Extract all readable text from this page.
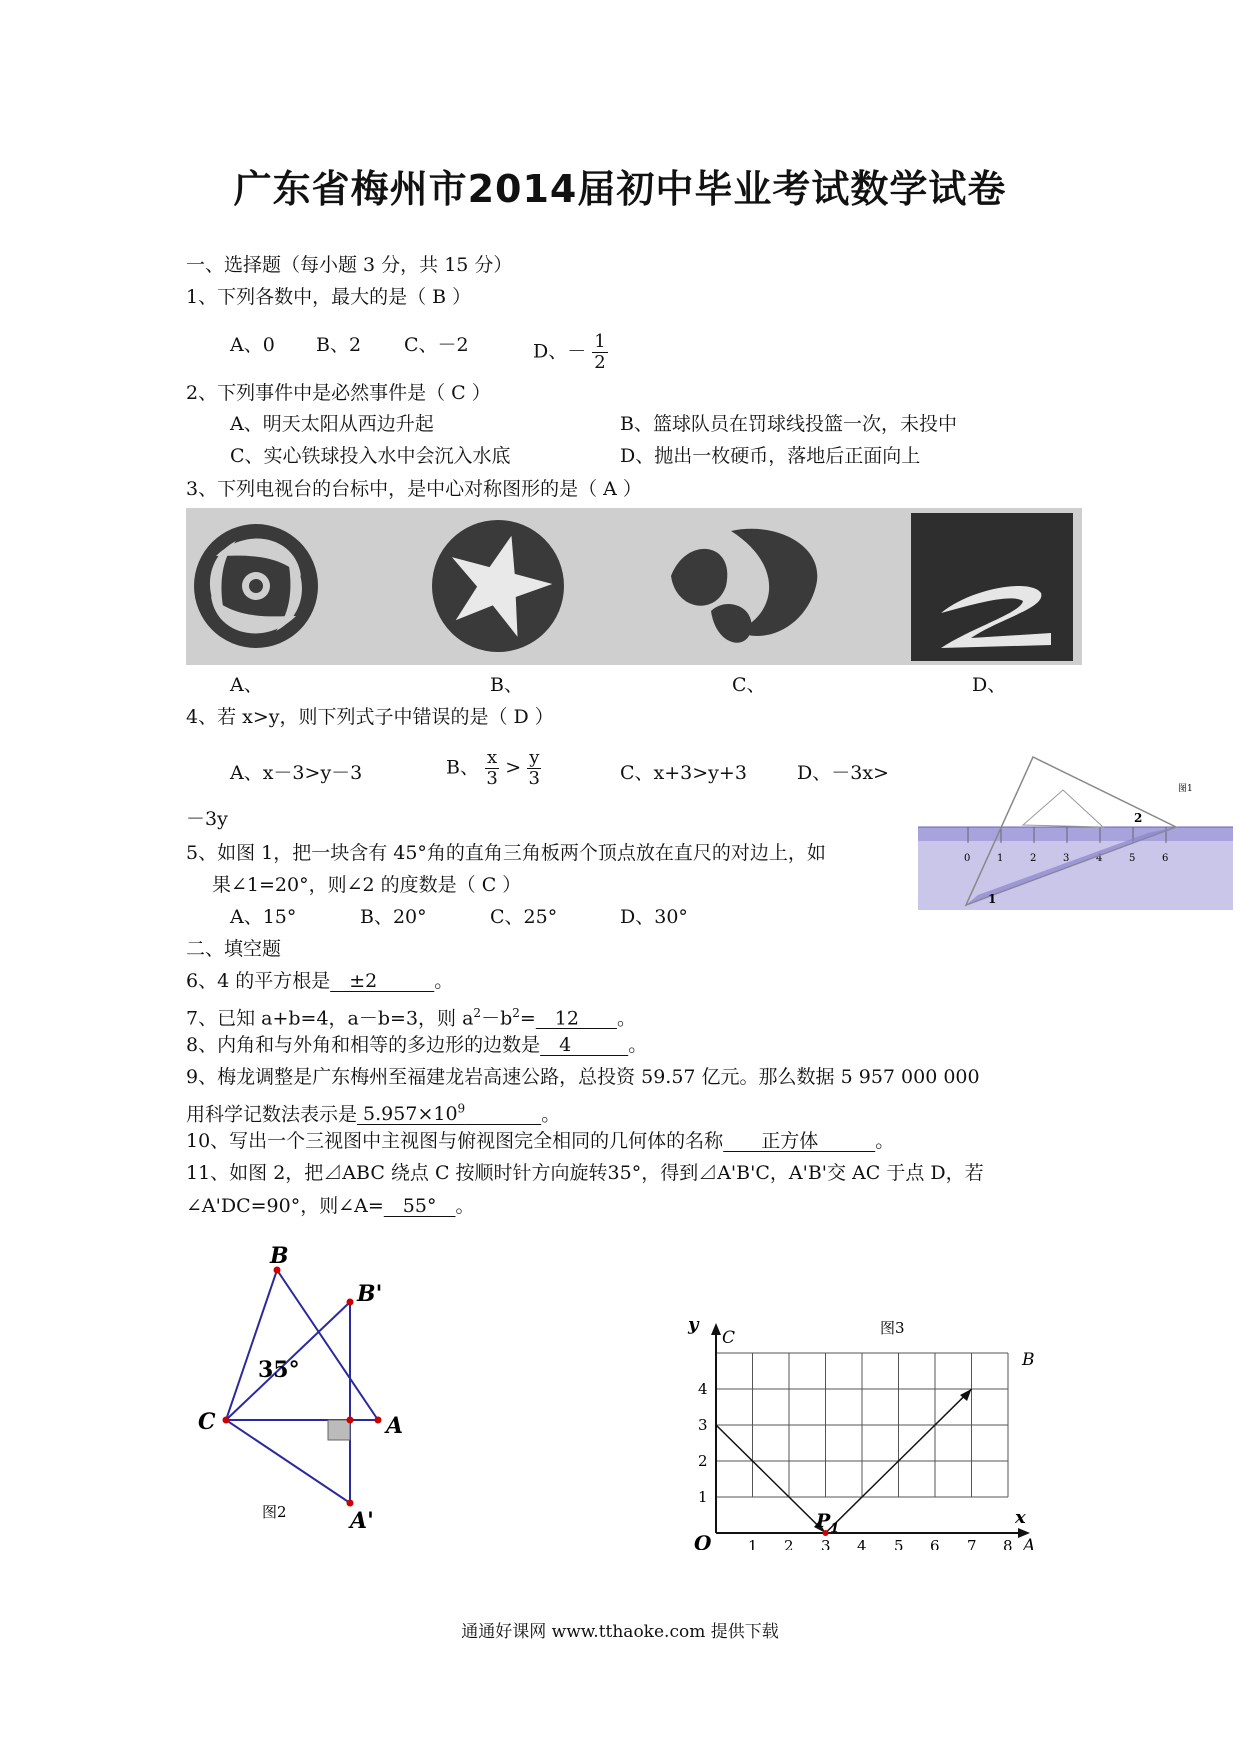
广东省梅州市2014届初中毕业考试数学试卷
一、选择题（每小题 3 分，共 15 分）
1、下列各数中，最大的是（ B ）
A、0 B、2 C、－2	D、－ $\frac{1}{2}$
2、下列事件中是必然事件是（ C ）
A、明天太阳从西边升起	B、篮球队员在罚球线投篮一次，未投中
C、实心铁球投入水中会沉入水底	D、抛出一枚硬币，落地后正面向上
3、下列电视台的台标中，是中心对称图形的是（ A ）
A、	B、	C、	D、
4、若 x>y，则下列式子中错误的是（ D ）
A、x－3>y－3	B、 $\frac{x}{3} > \frac{y}{3}$	C、x+3>y+3	D、－3x>
－3y
5、如图 1，把一块含有 45°角的直角三角板两个顶点放在直尺的对边上，如
果∠1=20°，则∠2 的度数是（ C ）
A、15°	B、20°	C、25°	D、30°
0	1	2	3	4	5	6
1
2
图1
二、填空题
6、4 的平方根是　±2　　　。
7、已知 a+b=4，a－b=3，则 $a^2-b^2=$　12　　。
8、内角和与外角和相等的多边形的边数是　4　　　。
9、梅龙调整是广东梅州至福建龙岩高速公路，总投资 59.57 亿元。那么数据 5 957 000 000
用科学记数法表示是 $5.957\times 10^9$　　　　	。
10、写出一个三视图中主视图与俯视图完全相同的几何体的名称　　正方体　　　。
11、如图 2，把⊿ABC 绕点 C 按顺时针方向旋转35°，得到⊿A'B'C，A'B'交 AC 于点 D，若
∠A'DC=90°，则∠A=　55°　。
B
B'
C	A
A'
35°
图2
y
C
x
A
B
O
$P_1$
图3
1 2 3 4 5 6 7 8
1
2
3
4
通通好课网 www.tthaoke.com 提供下载
